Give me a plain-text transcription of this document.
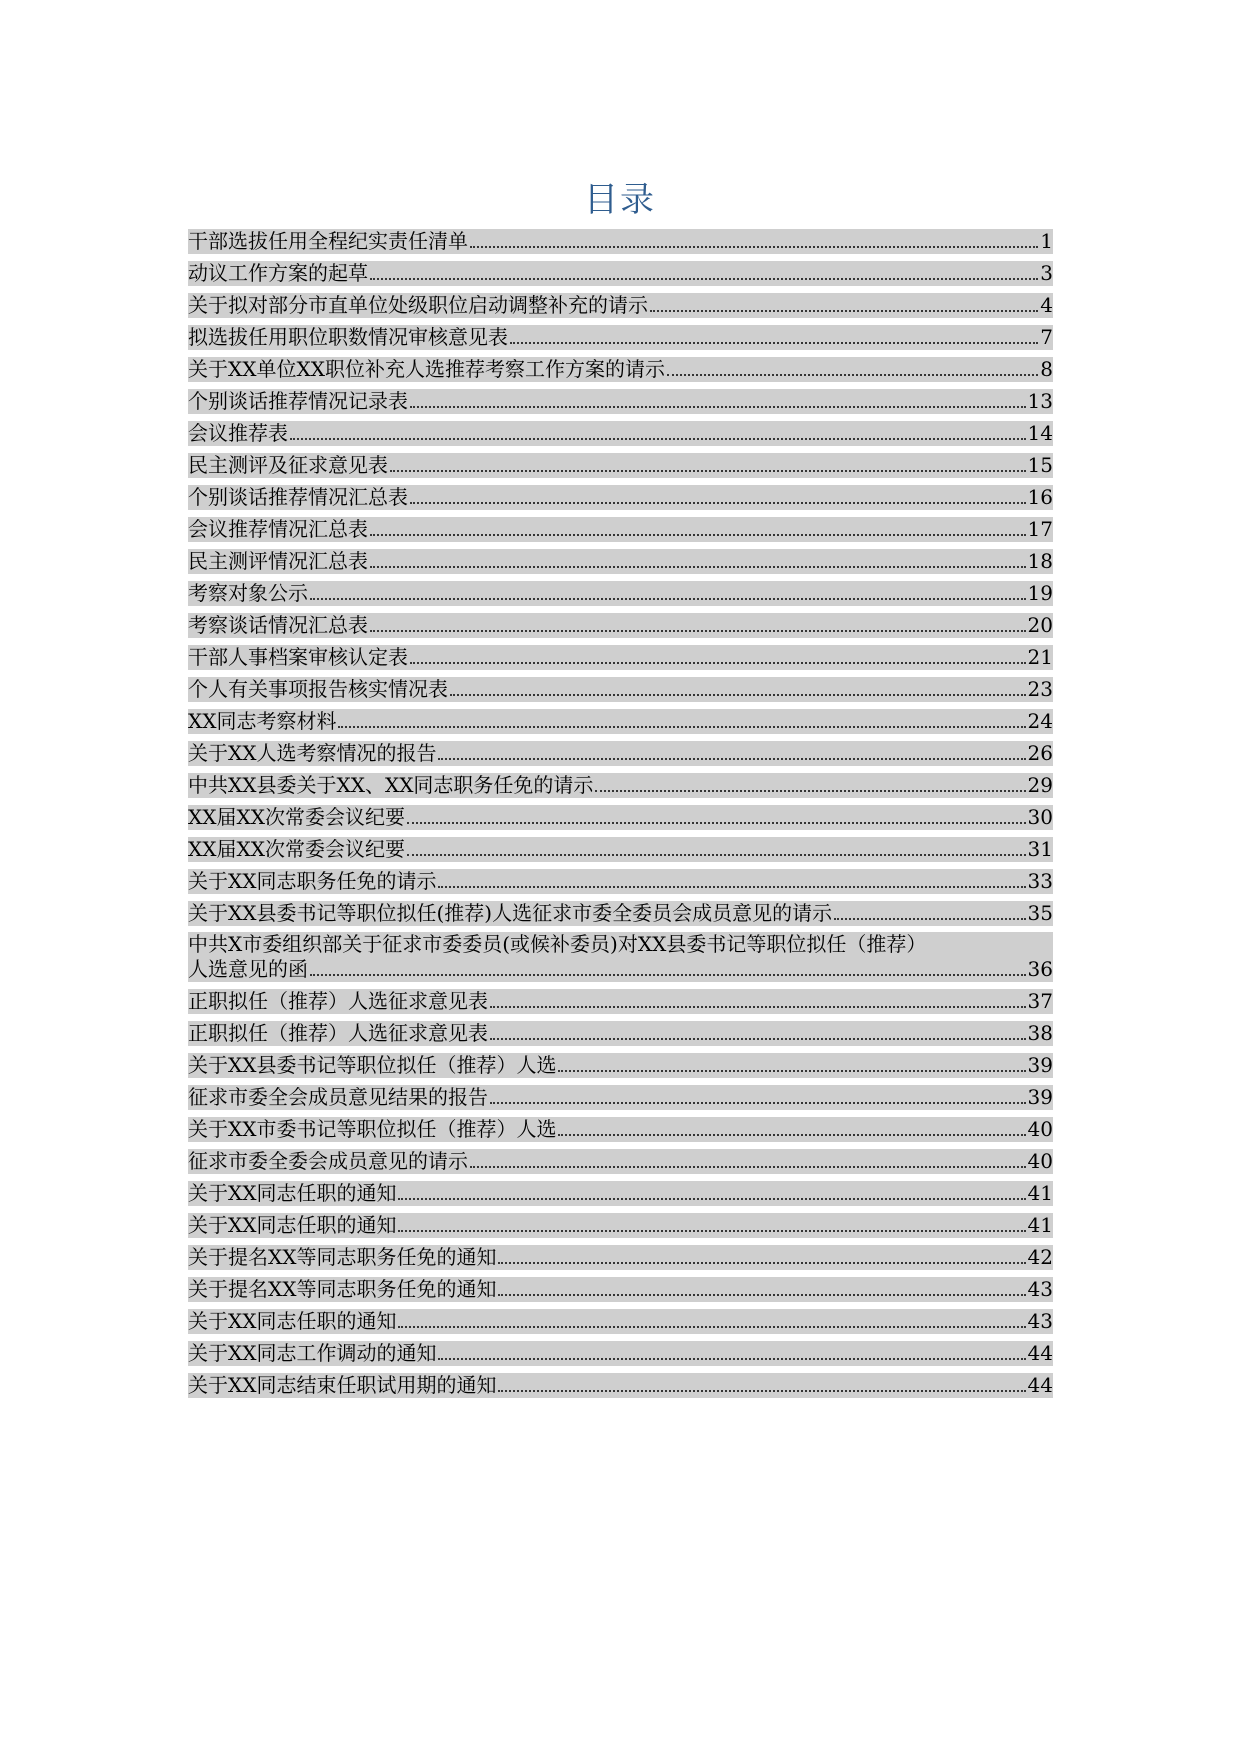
目录
干部选拔任用全程纪实责任清单	1
动议工作方案的起草	3
关于拟对部分市直单位处级职位启动调整补充的请示	4
拟选拔任用职位职数情况审核意见表	7
关于XX单位XX职位补充人选推荐考察工作方案的请示	8
个别谈话推荐情况记录表	13
会议推荐表	14
民主测评及征求意见表	15
个别谈话推荐情况汇总表	16
会议推荐情况汇总表	17
民主测评情况汇总表	18
考察对象公示	19
考察谈话情况汇总表	20
干部人事档案审核认定表	21
个人有关事项报告核实情况表	23
XX同志考察材料	24
关于XX人选考察情况的报告	26
中共XX县委关于XX、XX同志职务任免的请示	29
XX届XX次常委会议纪要	30
XX届XX次常委会议纪要	31
关于XX同志职务任免的请示	33
关于XX县委书记等职位拟任(推荐)人选征求市委全委员会成员意见的请示	35
中共X市委组织部关于征求市委委员(或候补委员)对XX县委书记等职位拟任（推荐）
人选意见的函	36
正职拟任（推荐）人选征求意见表	37
正职拟任（推荐）人选征求意见表	38
关于XX县委书记等职位拟任（推荐）人选	39
征求市委全会成员意见结果的报告	39
关于XX市委书记等职位拟任（推荐）人选	40
征求市委全委会成员意见的请示	40
关于XX同志任职的通知	41
关于XX同志任职的通知	41
关于提名XX等同志职务任免的通知	42
关于提名XX等同志职务任免的通知	43
关于XX同志任职的通知	43
关于XX同志工作调动的通知	44
关于XX同志结束任职试用期的通知	44
